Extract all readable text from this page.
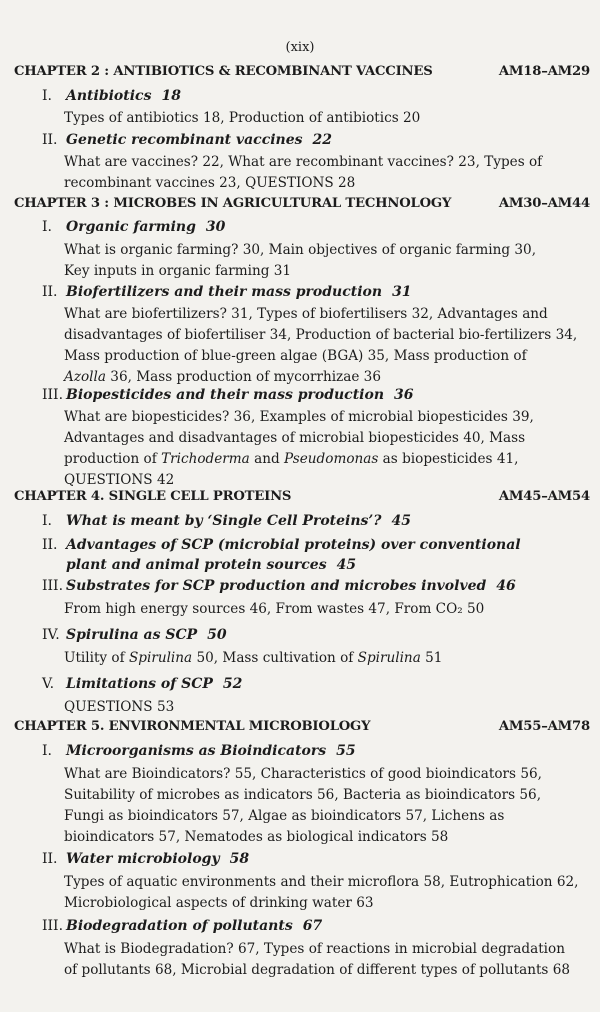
(xix)
CHAPTER 2 : ANTIBIOTICS & RECOMBINANT VACCINES	AM18–AM29
I. Antibiotics 18

Types of antibiotics 18, Production of antibiotics 20

II. Genetic recombinant vaccines 22

What are vaccines? 22, What are recombinant vaccines? 23, Types of

recombinant vaccines 23, QUESTIONS 28

CHAPTER 3 : MICROBES IN AGRICULTURAL TECHNOLOGY	AM30–AM44
I. Organic farming 30

What is organic farming? 30, Main objectives of organic farming 30,

Key inputs in organic farming 31

II. Biofertilizers and their mass production 31

What are biofertilizers? 31, Types of biofertilisers 32, Advantages and

disadvantages of biofertiliser 34, Production of bacterial bio-fertilizers 34,

Mass production of blue-green algae (BGA) 35, Mass production of

Azolla 36, Mass production of mycorrhizae 36

III. Biopesticides and their mass production 36

What are biopesticides? 36, Examples of microbial biopesticides 39,

Advantages and disadvantages of microbial biopesticides 40, Mass

production of Trichoderma and Pseudomonas as biopesticides 41,

QUESTIONS 42

CHAPTER 4. SINGLE CELL PROTEINS	AM45–AM54
I. What is meant by ‘Single Cell Proteins’? 45
II. Advantages of SCP (microbial proteins) over conventional
plant and animal protein sources 45
III. Substrates for SCP production and microbes involved 46

From high energy sources 46, From wastes 47, From CO₂ 50

IV. Spirulina as SCP 50

Utility of Spirulina 50, Mass cultivation of Spirulina 51

V. Limitations of SCP 52

QUESTIONS 53

CHAPTER 5. ENVIRONMENTAL MICROBIOLOGY	AM55–AM78
I. Microorganisms as Bioindicators 55

What are Bioindicators? 55, Characteristics of good bioindicators 56,

Suitability of microbes as indicators 56, Bacteria as bioindicators 56,

Fungi as bioindicators 57, Algae as bioindicators 57, Lichens as

bioindicators 57, Nematodes as biological indicators 58

II. Water microbiology 58

Types of aquatic environments and their microflora 58, Eutrophication 62,

Microbiological aspects of drinking water 63

III. Biodegradation of pollutants 67

What is Biodegradation? 67, Types of reactions in microbial degradation

of pollutants 68, Microbial degradation of different types of pollutants 68
